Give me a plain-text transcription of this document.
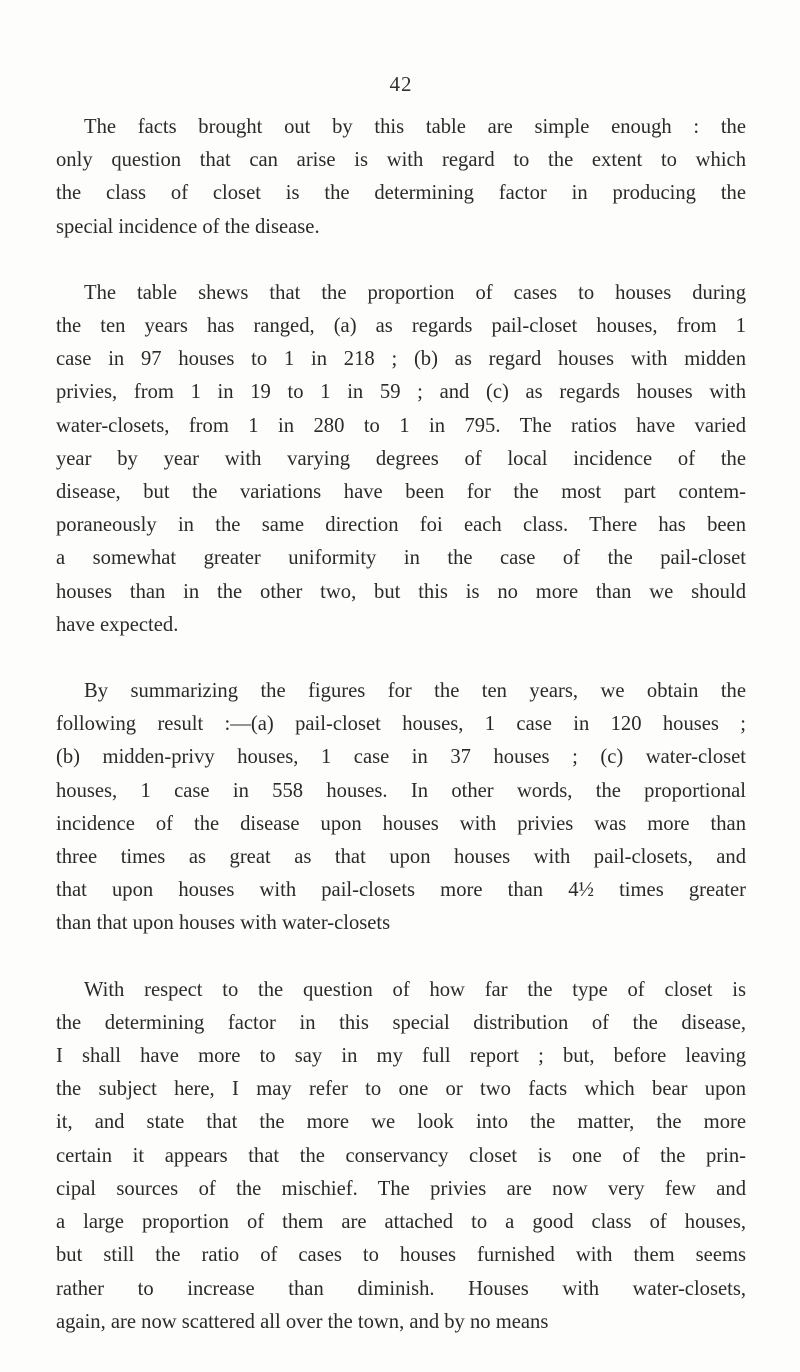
42
The facts brought out by this table are simple enough : the
only question that can arise is with regard to the extent to which
the class of closet is the determining factor in producing the
special incidence of the disease.
The table shews that the proportion of cases to houses during
the ten years has ranged, (a) as regards pail-closet houses, from 1
case in 97 houses to 1 in 218 ; (b) as regard houses with midden
privies, from 1 in 19 to 1 in 59 ; and (c) as regards houses with
water-closets, from 1 in 280 to 1 in 795. The ratios have varied
year by year with varying degrees of local incidence of the
disease, but the variations have been for the most part contem-
poraneously in the same direction foi each class. There has been
a somewhat greater uniformity in the case of the pail-closet
houses than in the other two, but this is no more than we should
have expected.
By summarizing the figures for the ten years, we obtain the
following result :—(a) pail-closet houses, 1 case in 120 houses ;
(b) midden-privy houses, 1 case in 37 houses ; (c) water-closet
houses, 1 case in 558 houses. In other words, the proportional
incidence of the disease upon houses with privies was more than
three times as great as that upon houses with pail-closets, and
that upon houses with pail-closets more than 4½ times greater
than that upon houses with water-closets
With respect to the question of how far the type of closet is
the determining factor in this special distribution of the disease,
I shall have more to say in my full report ; but, before leaving
the subject here, I may refer to one or two facts which bear upon
it, and state that the more we look into the matter, the more
certain it appears that the conservancy closet is one of the prin-
cipal sources of the mischief. The privies are now very few and
a large proportion of them are attached to a good class of houses,
but still the ratio of cases to houses furnished with them seems
rather to increase than diminish. Houses with water-closets,
again, are now scattered all over the town, and by no means
